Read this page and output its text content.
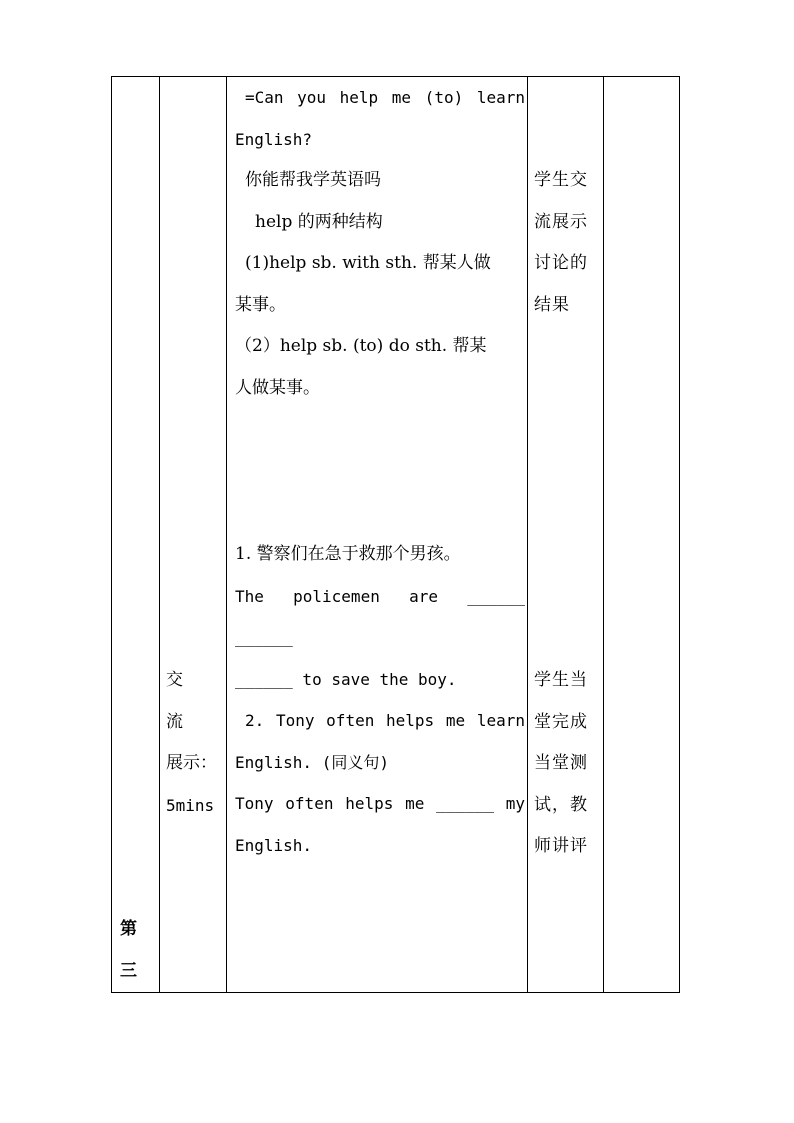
第
三
交
流
展示：
5mins

=Can you help me (to) learn

English?

你能帮我学英语吗

help 的两种结构

(1)help sb. with sth. 帮某人做

某事。

（2）help sb. (to) do sth. 帮某

人做某事。

1. 警察们在急于救那个男孩。

The policemen are ______ ______

______ to save the boy.

2. Tony often helps me learn

English. (同义句)

Tony often helps me ______ my

English.

学生交
流展示
讨论的
结果
学生当
堂完成
当堂测
试，教
师讲评
